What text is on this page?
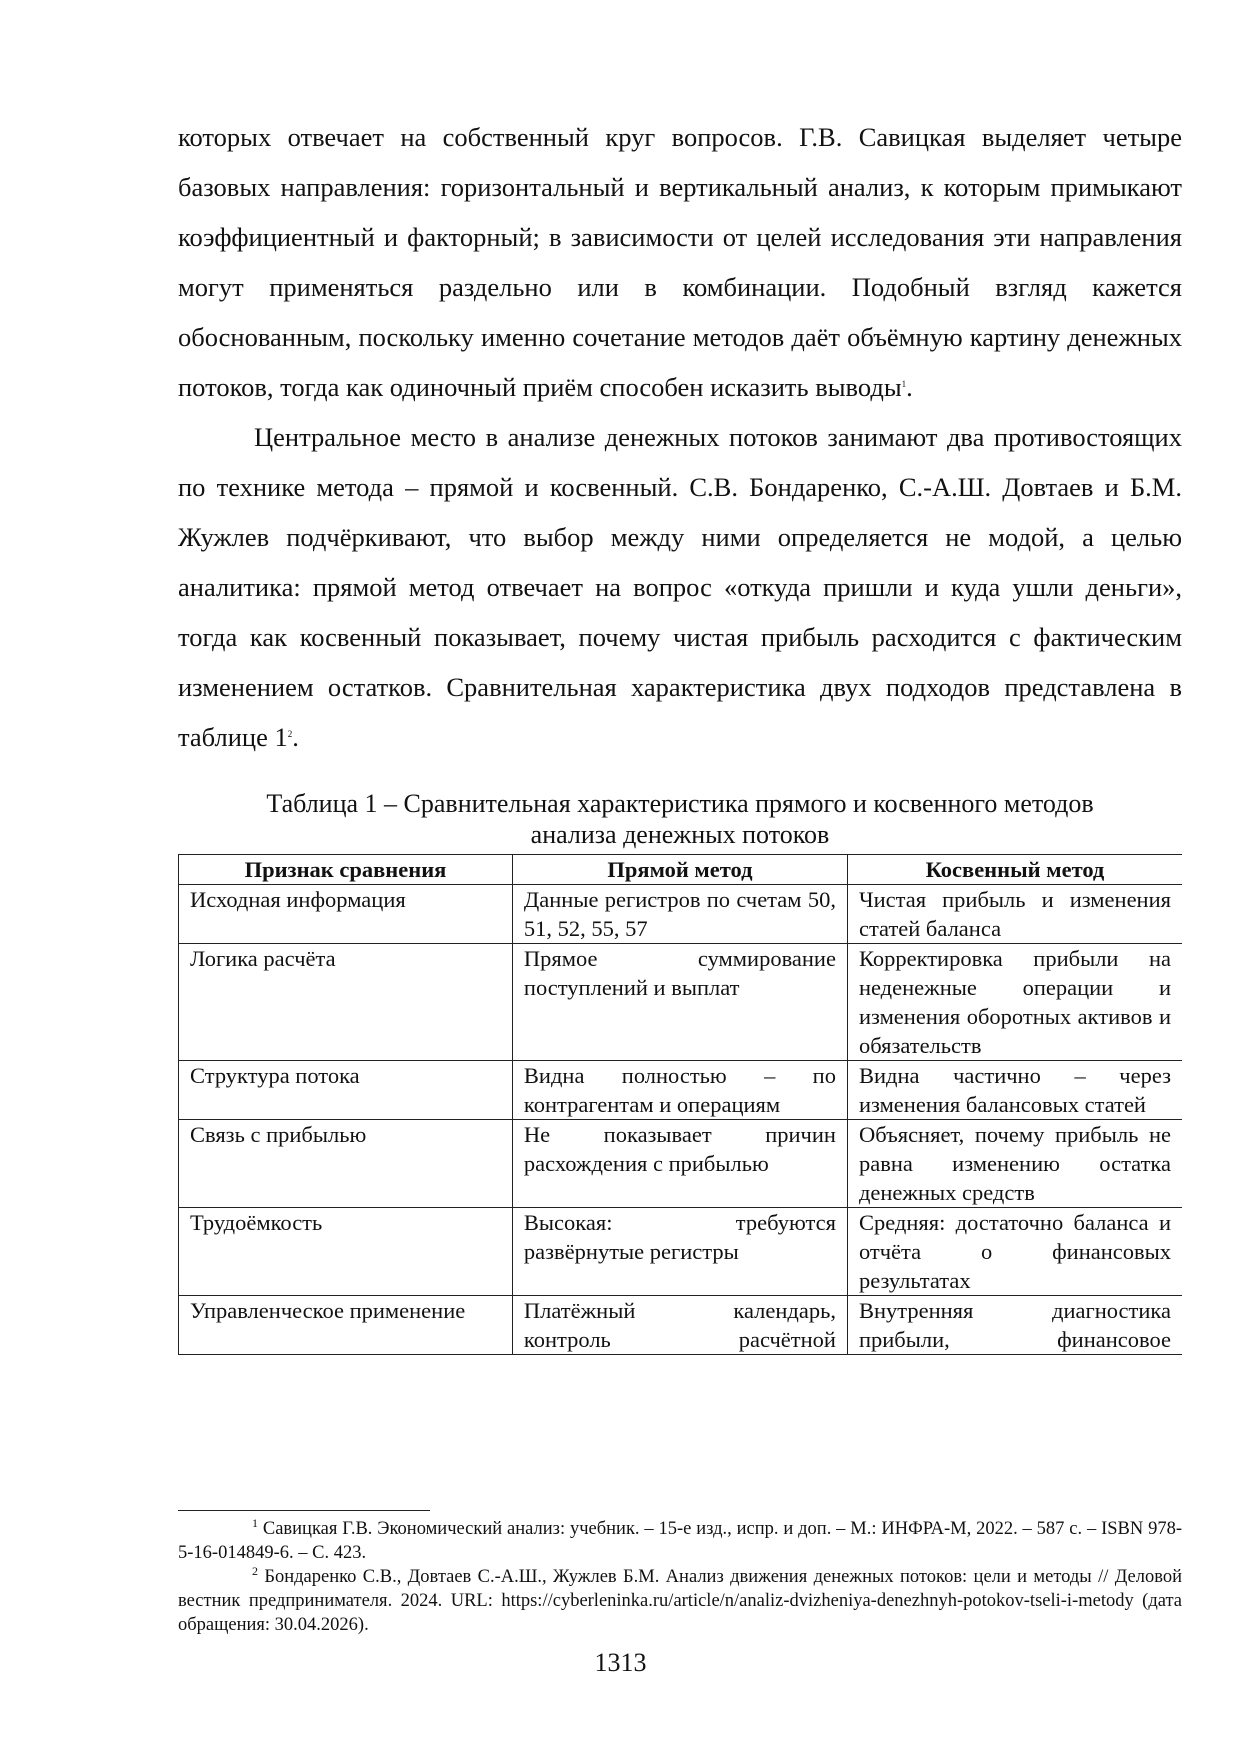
которых отвечает на собственный круг вопросов. Г.В. Савицкая выделяет четыре базовых направления: горизонтальный и вертикальный анализ, к которым примыкают коэффициентный и факторный; в зависимости от целей исследования эти направления могут применяться раздельно или в комбинации. Подобный взгляд кажется обоснованным, поскольку именно сочетание методов даёт объёмную картину денежных потоков, тогда как одиночный приём способен исказить выводы$^1$.

Центральное место в анализе денежных потоков занимают два противостоящих по технике метода – прямой и косвенный. С.В. Бондаренко, С.-А.Ш. Довтаев и Б.М. Жужлев подчёркивают, что выбор между ними определяется не модой, а целью аналитика: прямой метод отвечает на вопрос «откуда пришли и куда ушли деньги», тогда как косвенный показывает, почему чистая прибыль расходится с фактическим изменением остатков. Сравнительная характеристика двух подходов представлена в таблице 1$^2$.

Таблица 1 – Сравнительная характеристика прямого и косвенного методов
анализа денежных потоков
Признак сравнения	Прямой метод	Косвенный метод
Исходная информация	Данные регистров по счетам 50, 51, 52, 55, 57	Чистая прибыль и изменения статей баланса
Логика расчёта	Прямое суммирование поступлений и выплат	Корректировка прибыли на неденежные операции и изменения оборотных активов и обязательств
Структура потока	Видна полностью – по контрагентам и операциям	Видна частично – через изменения балансовых статей
Связь с прибылью	Не показывает причин расхождения с прибылью	Объясняет, почему прибыль не равна изменению остатка денежных средств
Трудоёмкость	Высокая: требуются развёрнутые регистры	Средняя: достаточно баланса и отчёта о финансовых результатах
Управленческое применение	Платёжный календарь, контроль расчётной	Внутренняя диагностика прибыли, финансовое

$^1$ Савицкая Г.В. Экономический анализ: учебник. – 15-е изд., испр. и доп. – М.: ИНФРА-М, 2022. – 587 с. – ISBN 978-5-16-014849-6. – С. 423.

$^2$ Бондаренко С.В., Довтаев С.-А.Ш., Жужлев Б.М. Анализ движения денежных потоков: цели и методы // Деловой вестник предпринимателя. 2024. URL: https://cyberleninka.ru/article/n/analiz-dvizheniya-denezhnyh-potokov-tseli-i-metody (дата обращения: 30.04.2026).

1313
